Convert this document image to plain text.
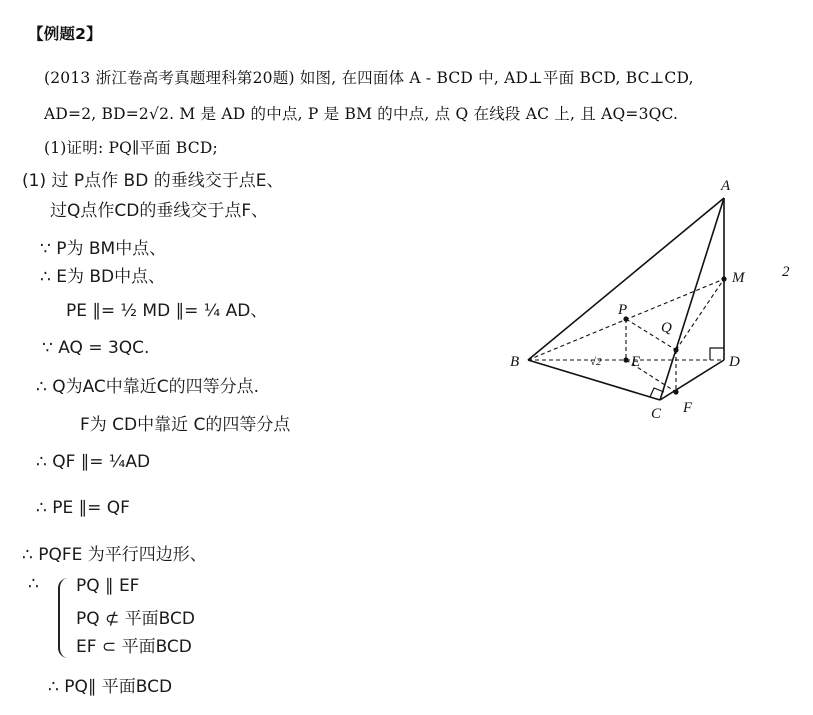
【例题2】
(2013 浙江卷高考真题理科第20题) 如图, 在四面体 A - BCD 中, AD⊥平面 BCD, BC⊥CD,
AD=2, BD=2√2. M 是 AD 的中点, P 是 BM 的中点, 点 Q 在线段 AC 上, 且 AQ=3QC.
(1)证明: PQ∥平面 BCD;
(1) 过 P点作 BD 的垂线交于点E、
过Q点作CD的垂线交于点F、
∵ P为 BM中点、
∴ E为 BD中点、
PE ∥= ½ MD ∥= ¼ AD、
∵ AQ = 3QC.
∴ Q为AC中靠近C的四等分点.
F为 CD中靠近 C的四等分点
∴ QF ∥= ¼AD
∴ PE ∥= QF
∴ PQFE 为平行四边形、
∴ PQ ∥ EF
PQ ⊄ 平面BCD
EF ⊂ 平面BCD
∴ PQ∥ 平面BCD
A
B
C
D
M
P
Q
E
F
√2
2
